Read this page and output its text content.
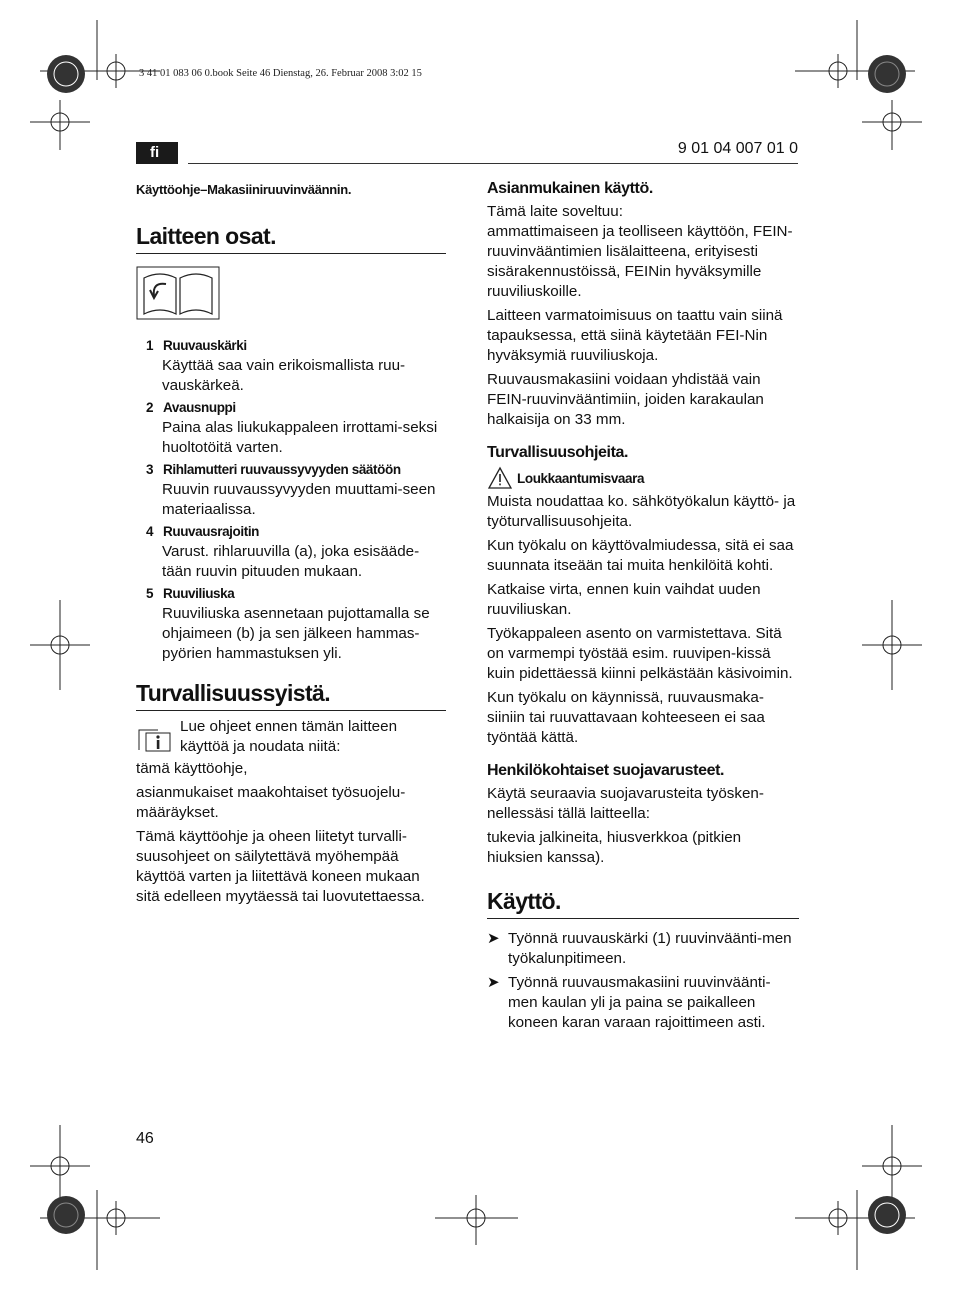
3 41 01 083 06 0.book Seite 46 Dienstag, 26. Februar 2008 3:02 15
fi	9 01 04 007 01 0

Käyttöohje–Makasiiniruuvinväännin.

Laitteen osat.
1 Ruuvauskärki

Käyttää saa vain erikoismallista ruu-vauskärkeä.

2 Avausnuppi

Paina alas liukukappaleen irrottami-seksi huoltotöitä varten.

3 Rihlamutteri ruuvaussyvyyden säätöön

Ruuvin ruuvaussyvyyden muuttami-seen materiaalissa.

4 Ruuvausrajoitin

Varust. rihlaruuvilla (a), joka esisääde-tään ruuvin pituuden mukaan.

5 Ruuviliuska

Ruuviliuska asennetaan pujottamalla se ohjaimeen (b) ja sen jälkeen hammas-pyörien hammastuksen yli.

Turvallisuussyistä.

Lue ohjeet ennen tämän laitteen käyttöä ja noudata niitä:

tämä käyttöohje,

asianmukaiset maakohtaiset työsuojelu-määräykset.

Tämä käyttöohje ja oheen liitetyt turvalli-suusohjeet on säilytettävä myöhempää käyttöä varten ja liitettävä koneen mukaan sitä edelleen myytäessä tai luovutettaessa.

Asianmukainen käyttö.

Tämä laite soveltuu:
ammattimaiseen ja teolliseen käyttöön, FEIN-ruuvinvääntimien lisälaitteena, erityisesti sisärakennustöissä, FEINin hyväksymille ruuviliuskoille.

Laitteen varmatoimisuus on taattu vain siinä tapauksessa, että siinä käytetään FEI-Nin hyväksymiä ruuviliuskoja.

Ruuvausmakasiini voidaan yhdistää vain FEIN-ruuvinvääntimiin, joiden karakaulan halkaisija on 33 mm.

Turvallisuusohjeita.
Loukkaantumisvaara

Muista noudattaa ko. sähkötyökalun käyttö- ja työturvallisuusohjeita.

Kun työkalu on käyttövalmiudessa, sitä ei saa suunnata itseään tai muita henkilöitä kohti.

Katkaise virta, ennen kuin vaihdat uuden ruuviliuskan.

Työkappaleen asento on varmistettava. Sitä on varmempi työstää esim. ruuvipen-kissä kuin pidettäessä kiinni pelkästään käsivoimin.

Kun työkalu on käynnissä, ruuvausmaka-siiniin tai ruuvattavaan kohteeseen ei saa työntää kättä.

Henkilökohtaiset suojavarusteet.

Käytä seuraavia suojavarusteita työsken-nellessäsi tällä laitteella:

tukevia jalkineita, hiusverkkoa (pitkien hiuksien kanssa).

Käyttö.
➤ Työnnä ruuvauskärki (1) ruuvinväänti-men työkalunpitimeen.
➤ Työnnä ruuvausmakasiini ruuvinväänti-men kaulan yli ja paina se paikalleen koneen karan varaan rajoittimeen asti.
46
